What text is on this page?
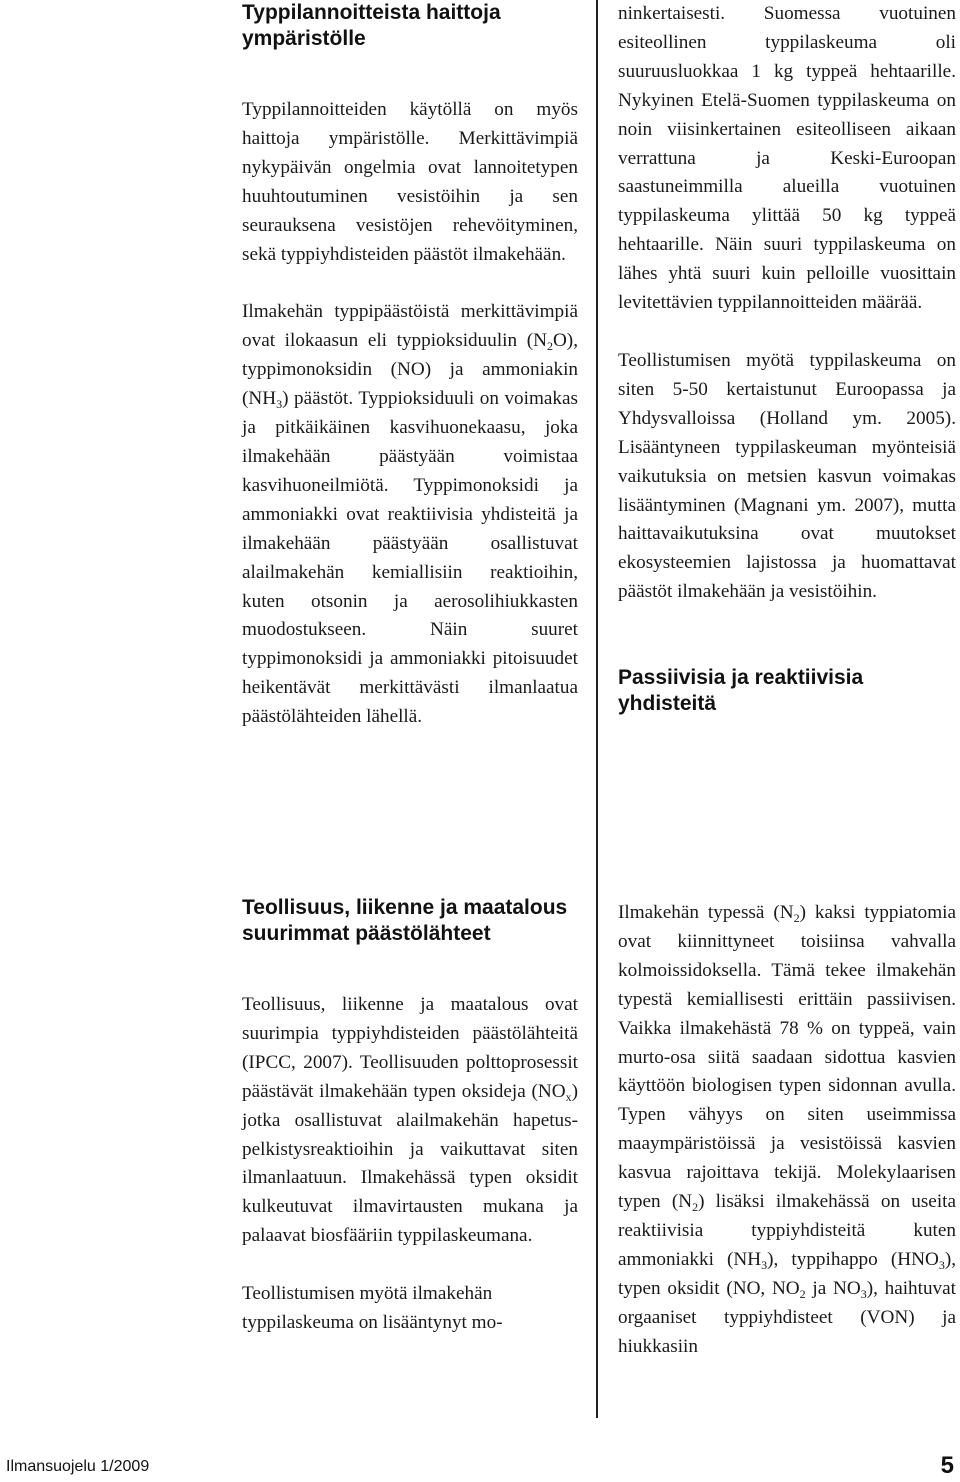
Typpilannoitteista haittoja ympäristölle

Typpilannoitteiden käytöllä on myös haittoja ympäristölle. Merkittävimpiä nykypäivän ongelmia ovat lannoitetypen huuhtoutuminen vesistöihin ja sen seurauksena vesistöjen rehevöityminen, sekä typpiyhdisteiden päästöt ilmakehään.

Ilmakehän typpipäästöistä merkittävimpiä ovat ilokaasun eli typpioksiduulin $(N_2O)$, typpimonoksidin (NO) ja ammoniakin $(NH_3)$ päästöt. Typpioksiduuli on voimakas ja pitkäikäinen kasvihuonekaasu, joka ilmakehään päästyään voimistaa kasvihuoneilmiötä. Typpimonoksidi ja ammoniakki ovat reaktiivisia yhdisteitä ja ilmakehään päästyään osallistuvat alailmakehän kemiallisiin reaktioihin, kuten otsonin ja aerosolihiukkasten muodostukseen. Näin suuret typpimonoksidi ja ammoniakki pitoisuudet heikentävät merkittävästi ilmanlaatua päästölähteiden lähellä.

Teollisuus, liikenne ja maatalous suurimmat päästölähteet

Teollisuus, liikenne ja maatalous ovat suurimpia typpiyhdisteiden päästölähteitä (IPCC, 2007). Teollisuuden polttoprosessit päästävät ilmakehään typen oksideja $(NO_x)$ jotka osallistuvat alailmakehän hapetus-pelkistysreaktioihin ja vaikuttavat siten ilmanlaatuun. Ilmakehässä typen oksidit kulkeutuvat ilmavirtausten mukana ja palaavat biosfääriin typpilaskeumana.

Teollistumisen myötä ilmakehän typpilaskeuma on lisääntynyt mo-

ninkertaisesti. Suomessa vuotuinen esiteollinen typpilaskeuma oli suuruusluokkaa 1 kg typpeä hehtaarille. Nykyinen Etelä-Suomen typpilaskeuma on noin viisinkertainen esiteolliseen aikaan verrattuna ja Keski-Euroopan saastuneimmilla alueilla vuotuinen typpilaskeuma ylittää 50 kg typpeä hehtaarille. Näin suuri typpilaskeuma on lähes yhtä suuri kuin pelloille vuosittain levitettävien typpilannoitteiden määrää.

Teollistumisen myötä typpilaskeuma on siten 5-50 kertaistunut Euroopassa ja Yhdysvalloissa (Holland ym. 2005). Lisääntyneen typpilaskeuman myönteisiä vaikutuksia on metsien kasvun voimakas lisääntyminen (Magnani ym. 2007), mutta haittavaikutuksina ovat muutokset ekosysteemien lajistossa ja huomattavat päästöt ilmakehään ja vesistöihin.

Passiivisia ja reaktiivisia yhdisteitä

Ilmakehän typessä $(N_2)$ kaksi typpiatomia ovat kiinnittyneet toisiinsa vahvalla kolmoissidoksella. Tämä tekee ilmakehän typestä kemiallisesti erittäin passiivisen. Vaikka ilmakehästä 78 % on typpeä, vain murto-osa siitä saadaan sidottua kasvien käyttöön biologisen typen sidonnan avulla. Typen vähyys on siten useimmissa maaympäristöissä ja vesistöissä kasvien kasvua rajoittava tekijä. Molekylaarisen typen $(N_2)$ lisäksi ilmakehässä on useita reaktiivisia typpiyhdisteitä kuten ammoniakki $(NH_3)$, typpihappo $(HNO_3)$, typen oksidit (NO, $NO_2$ ja $NO_3$), haihtuvat orgaaniset typpiyhdisteet (VON) ja hiukkasiin

Ilmansuojelu 1/2009	5
